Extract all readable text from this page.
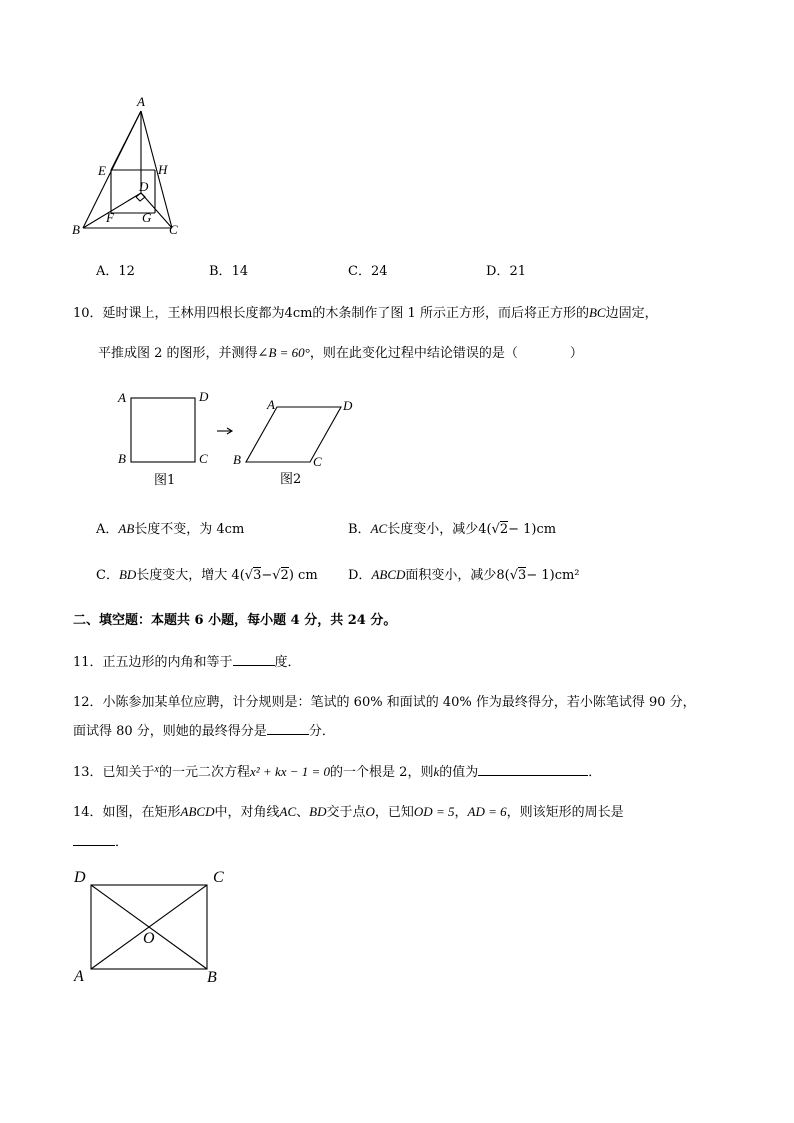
A
E	H
D
B
F G
C
A．12	B．14	C．24	D．21
10．延时课上，王林用四根长度都为4cm的木条制作了图 1 所示正方形，而后将正方形的BC边固定，
平推成图 2 的图形，并测得∠B = 60°，则在此变化过程中结论错误的是（　　　　）
A	D
B	C
图1
A	D
B	C
图2
A．AB长度不变，为 4cm	B．AC长度变小，减少4(√2− 1)cm
C．BD长度变大，增大 4(√3−√2) cm D．ABCD面积变小，减少8(√3− 1)cm²
二、填空题：本题共 6 小题，每小题 4 分，共 24 分。
11．正五边形的内角和等于	度．
12．小陈参加某单位应聘，计分规则是：笔试的 60% 和面试的 40% 作为最终得分，若小陈笔试得 90 分，
面试得 80 分，则她的最终得分是	分．
13．已知关于$^x$的一元二次方程x² + kx − 1 = 0的一个根是 2，则k的值为	．
14．如图，在矩形ABCD中，对角线AC、BD交于点O，已知OD = 5，AD = 6，则该矩形的周长是
．
D	C
O
A	B
